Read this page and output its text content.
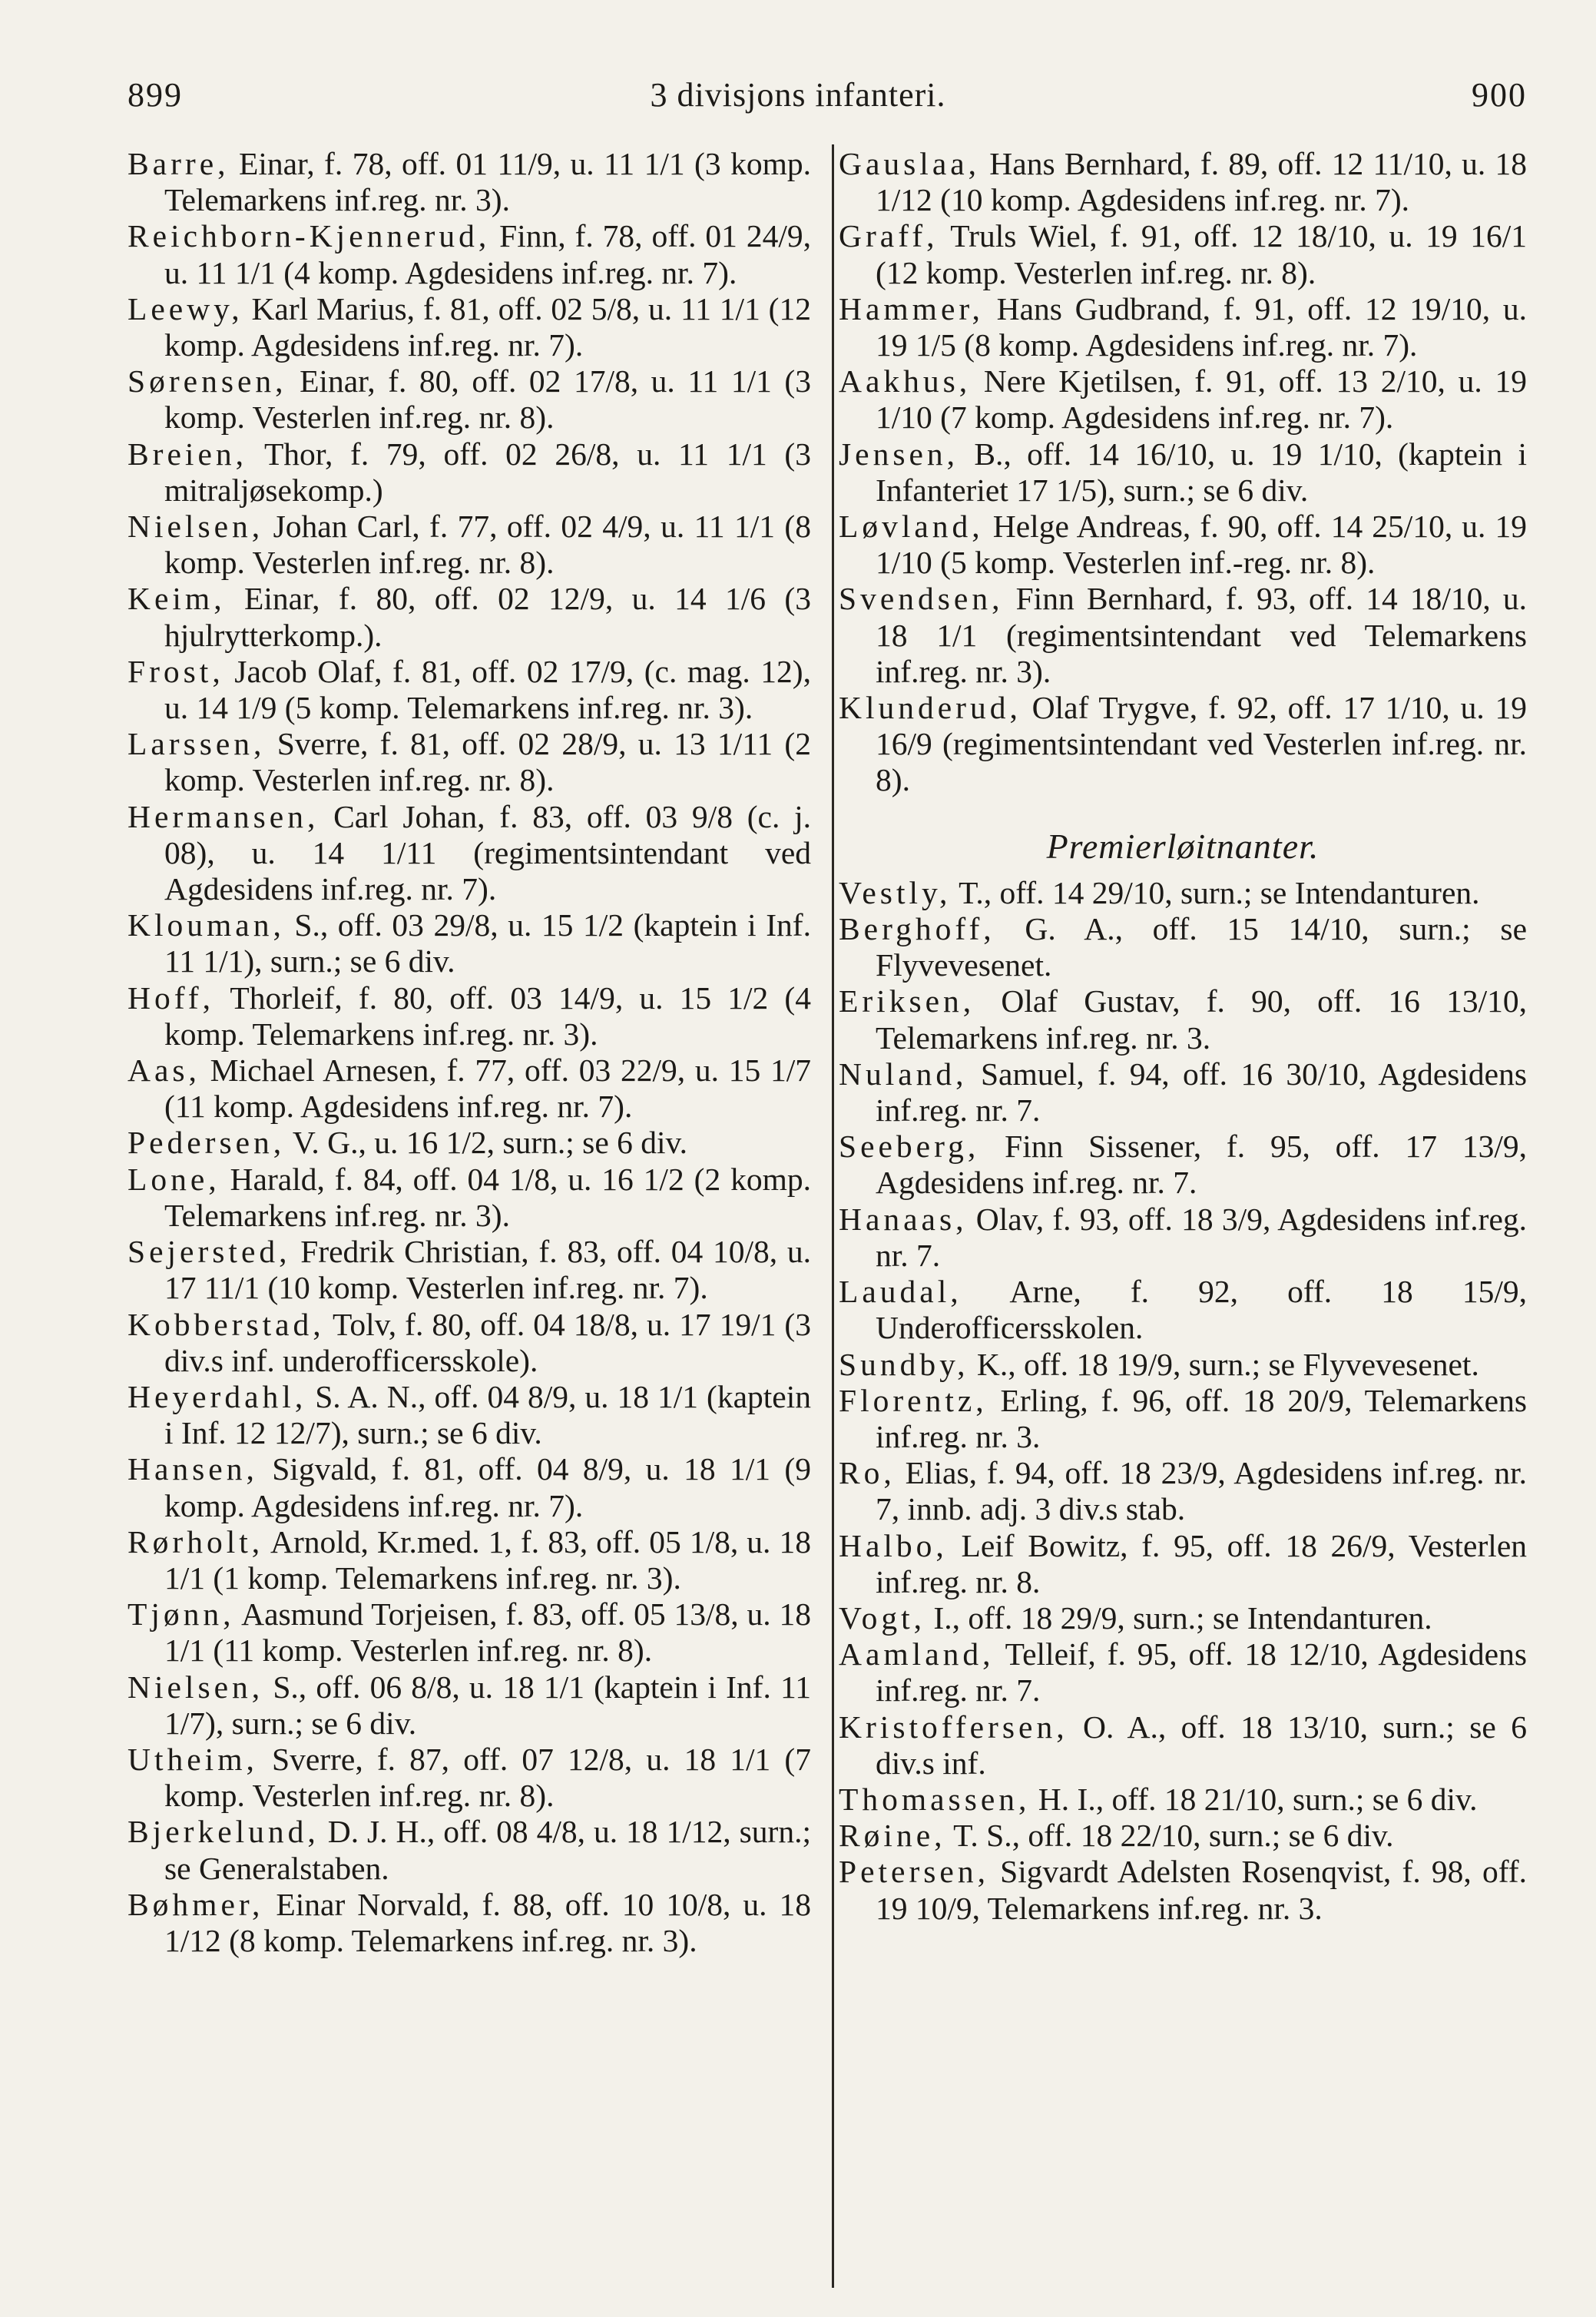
899	3 divisjons infanteri.	900

Barre, Einar, f. 78, off. 01 11/9, u. 11 1/1 (3 komp. Telemarkens inf.reg. nr. 3).

Reichborn-Kjennerud, Finn, f. 78, off. 01 24/9, u. 11 1/1 (4 komp. Agdesidens inf.reg. nr. 7).

Leewy, Karl Marius, f. 81, off. 02 5/8, u. 11 1/1 (12 komp. Agdesidens inf.reg. nr. 7).

Sørensen, Einar, f. 80, off. 02 17/8, u. 11 1/1 (3 komp. Vesterlen inf.reg. nr. 8).

Breien, Thor, f. 79, off. 02 26/8, u. 11 1/1 (3 mitraljøsekomp.)

Nielsen, Johan Carl, f. 77, off. 02 4/9, u. 11 1/1 (8 komp. Vesterlen inf.reg. nr. 8).

Keim, Einar, f. 80, off. 02 12/9, u. 14 1/6 (3 hjulrytterkomp.).

Frost, Jacob Olaf, f. 81, off. 02 17/9, (c. mag. 12), u. 14 1/9 (5 komp. Telemarkens inf.reg. nr. 3).

Larssen, Sverre, f. 81, off. 02 28/9, u. 13 1/11 (2 komp. Vesterlen inf.reg. nr. 8).

Hermansen, Carl Johan, f. 83, off. 03 9/8 (c. j. 08), u. 14 1/11 (regimentsintendant ved Agdesidens inf.reg. nr. 7).

Klouman, S., off. 03 29/8, u. 15 1/2 (kaptein i Inf. 11 1/1), surn.; se 6 div.

Hoff, Thorleif, f. 80, off. 03 14/9, u. 15 1/2 (4 komp. Telemarkens inf.reg. nr. 3).

Aas, Michael Arnesen, f. 77, off. 03 22/9, u. 15 1/7 (11 komp. Agdesidens inf.reg. nr. 7).

Pedersen, V. G., u. 16 1/2, surn.; se 6 div.

Lone, Harald, f. 84, off. 04 1/8, u. 16 1/2 (2 komp. Telemarkens inf.reg. nr. 3).

Sejersted, Fredrik Christian, f. 83, off. 04 10/8, u. 17 11/1 (10 komp. Vesterlen inf.reg. nr. 7).

Kobberstad, Tolv, f. 80, off. 04 18/8, u. 17 19/1 (3 div.s inf. underofficersskole).

Heyerdahl, S. A. N., off. 04 8/9, u. 18 1/1 (kaptein i Inf. 12 12/7), surn.; se 6 div.

Hansen, Sigvald, f. 81, off. 04 8/9, u. 18 1/1 (9 komp. Agdesidens inf.reg. nr. 7).

Rørholt, Arnold, Kr.med. 1, f. 83, off. 05 1/8, u. 18 1/1 (1 komp. Telemarkens inf.reg. nr. 3).

Tjønn, Aasmund Torjeisen, f. 83, off. 05 13/8, u. 18 1/1 (11 komp. Vesterlen inf.reg. nr. 8).

Nielsen, S., off. 06 8/8, u. 18 1/1 (kaptein i Inf. 11 1/7), surn.; se 6 div.

Utheim, Sverre, f. 87, off. 07 12/8, u. 18 1/1 (7 komp. Vesterlen inf.reg. nr. 8).

Bjerkelund, D. J. H., off. 08 4/8, u. 18 1/12, surn.; se Generalstaben.

Bøhmer, Einar Norvald, f. 88, off. 10 10/8, u. 18 1/12 (8 komp. Telemarkens inf.reg. nr. 3).

Gauslaa, Hans Bernhard, f. 89, off. 12 11/10, u. 18 1/12 (10 komp. Agdesidens inf.reg. nr. 7).

Graff, Truls Wiel, f. 91, off. 12 18/10, u. 19 16/1 (12 komp. Vesterlen inf.reg. nr. 8).

Hammer, Hans Gudbrand, f. 91, off. 12 19/10, u. 19 1/5 (8 komp. Agdesidens inf.reg. nr. 7).

Aakhus, Nere Kjetilsen, f. 91, off. 13 2/10, u. 19 1/10 (7 komp. Agdesidens inf.reg. nr. 7).

Jensen, B., off. 14 16/10, u. 19 1/10, (kaptein i Infanteriet 17 1/5), surn.; se 6 div.

Løvland, Helge Andreas, f. 90, off. 14 25/10, u. 19 1/10 (5 komp. Vesterlen inf.-reg. nr. 8).

Svendsen, Finn Bernhard, f. 93, off. 14 18/10, u. 18 1/1 (regimentsintendant ved Telemarkens inf.reg. nr. 3).

Klunderud, Olaf Trygve, f. 92, off. 17 1/10, u. 19 16/9 (regimentsintendant ved Vesterlen inf.reg. nr. 8).

Premierløitnanter.

Vestly, T., off. 14 29/10, surn.; se Intendanturen.

Berghoff, G. A., off. 15 14/10, surn.; se Flyvevesenet.

Eriksen, Olaf Gustav, f. 90, off. 16 13/10, Telemarkens inf.reg. nr. 3.

Nuland, Samuel, f. 94, off. 16 30/10, Agdesidens inf.reg. nr. 7.

Seeberg, Finn Sissener, f. 95, off. 17 13/9, Agdesidens inf.reg. nr. 7.

Hanaas, Olav, f. 93, off. 18 3/9, Agdesidens inf.reg. nr. 7.

Laudal, Arne, f. 92, off. 18 15/9, Underofficersskolen.

Sundby, K., off. 18 19/9, surn.; se Flyvevesenet.

Florentz, Erling, f. 96, off. 18 20/9, Telemarkens inf.reg. nr. 3.

Ro, Elias, f. 94, off. 18 23/9, Agdesidens inf.reg. nr. 7, innb. adj. 3 div.s stab.

Halbo, Leif Bowitz, f. 95, off. 18 26/9, Vesterlen inf.reg. nr. 8.

Vogt, I., off. 18 29/9, surn.; se Intendanturen.

Aamland, Telleif, f. 95, off. 18 12/10, Agdesidens inf.reg. nr. 7.

Kristoffersen, O. A., off. 18 13/10, surn.; se 6 div.s inf.

Thomassen, H. I., off. 18 21/10, surn.; se 6 div.

Røine, T. S., off. 18 22/10, surn.; se 6 div.

Petersen, Sigvardt Adelsten Rosenqvist, f. 98, off. 19 10/9, Telemarkens inf.reg. nr. 3.
